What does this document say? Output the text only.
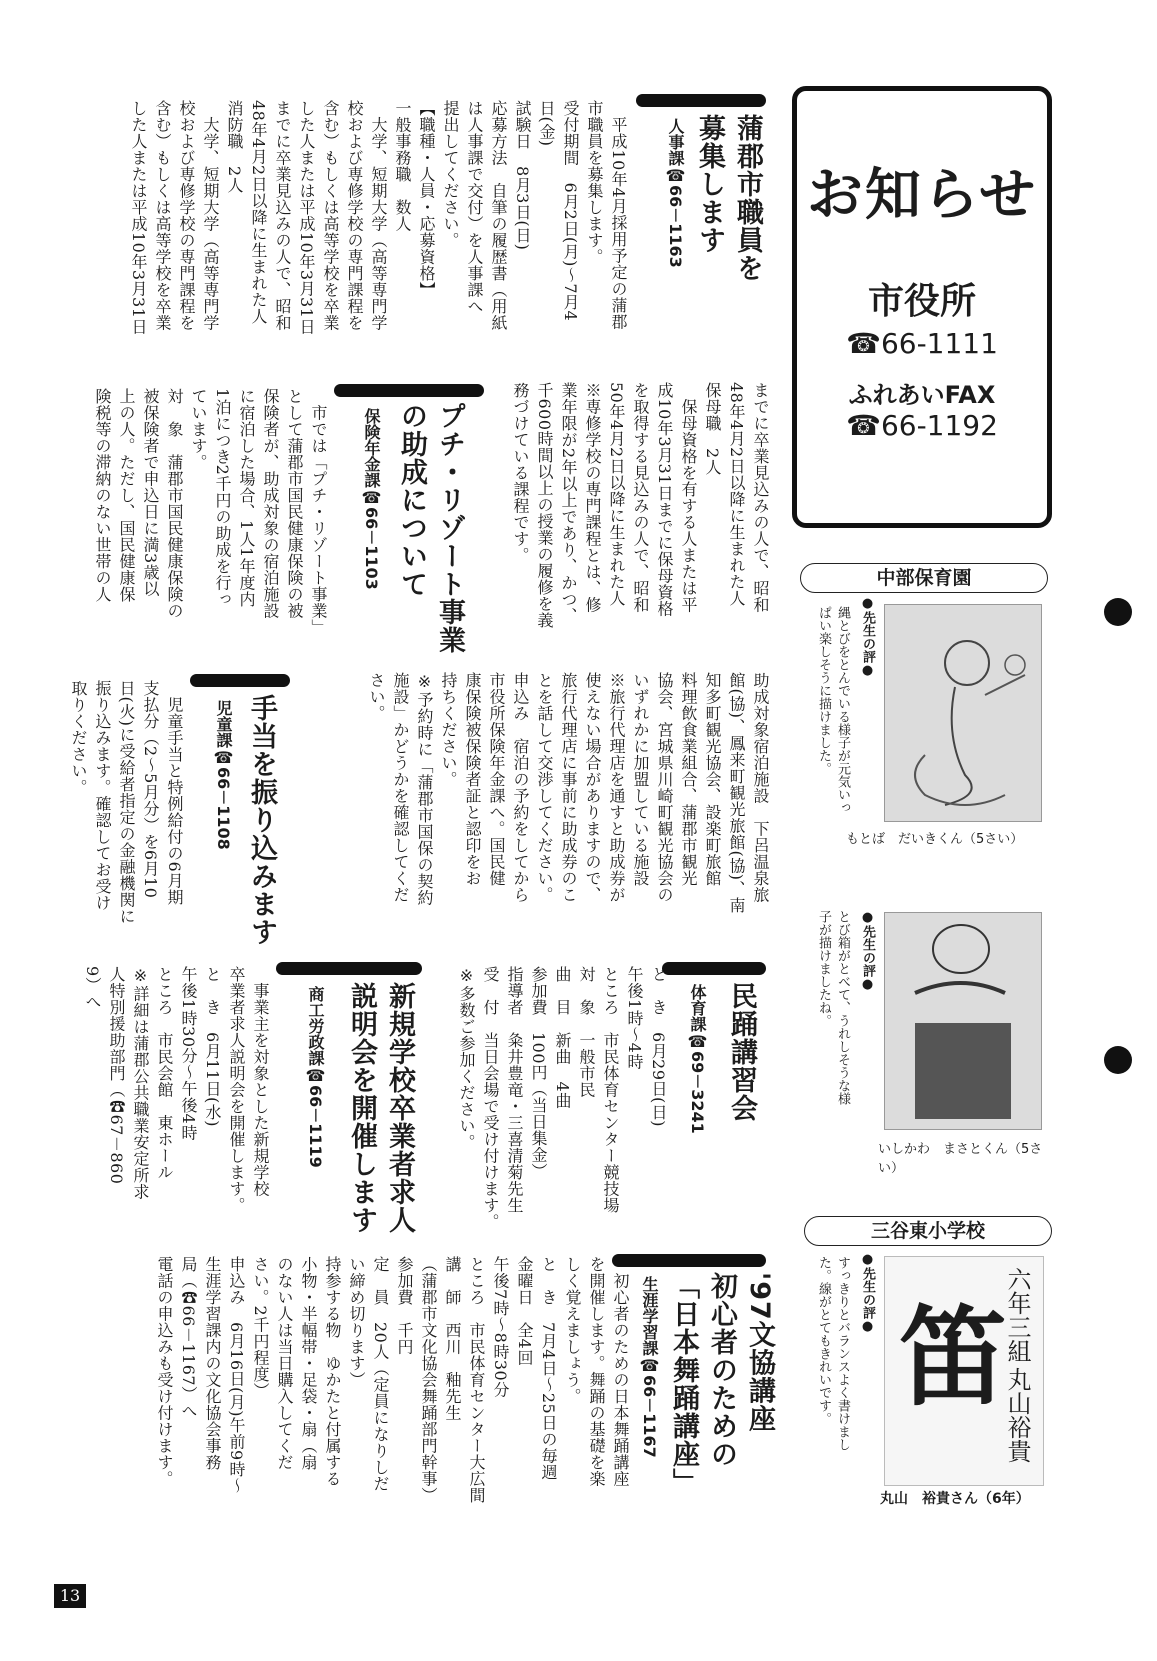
お知らせ
市役所
☎66-1111
ふれあいFAX
☎66-1192
蒲郡市職員を
募集します
人事課☎66－1163
　平成10年4月採用予定の蒲郡
市職員を募集します。
受付期間　6月2日(月)～7月4
日(金)
試験日　8月3日(日)
応募方法　自筆の履歴書（用紙
は人事課で交付）を人事課へ
提出してください。
【職種・人員・応募資格】
一般事務職　数人
　大学、短期大学（高等専門学
校および専修学校の専門課程を
含む）もしくは高等学校を卒業
した人または平成10年3月31日
までに卒業見込みの人で、昭和
48年4月2日以降に生まれた人
消防職　2人
　大学、短期大学（高等専門学
校および専修学校の専門課程を
含む）もしくは高等学校を卒業
した人または平成10年3月31日
までに卒業見込みの人で、昭和
48年4月2日以降に生まれた人
保母職　2人
　保母資格を有する人または平
成10年3月31日までに保母資格
を取得する見込みの人で、昭和
50年4月2日以降に生まれた人
※専修学校の専門課程とは、修
業年限が2年以上であり、かつ、
千600時間以上の授業の履修を義
務づけている課程です。
プチ・リゾート事業
の助成について
保険年金課☎66－1103
　市では「プチ・リゾート事業」
として蒲郡市国民健康保険の被
保険者が、助成対象の宿泊施設
に宿泊した場合、1人1年度内
1泊につき2千円の助成を行っ
ています。
対　象　蒲郡市国民健康保険の
被保険者で申込日に満3歳以
上の人。ただし、国民健康保
険税等の滞納のない世帯の人
助成対象宿泊施設　下呂温泉旅
館(協)、鳳来町観光旅館(協)、南
知多町観光協会、設楽町旅館
料理飲食業組合、蒲郡市観光
協会、宮城県川崎町観光協会の
いずれかに加盟している施設
※旅行代理店を通すと助成券が
使えない場合がありますので、
旅行代理店に事前に助成券のこ
とを話して交渉してください。
申込み　宿泊の予約をしてから
市役所保険年金課へ。国民健
康保険被保険者証と認印をお
持ちください。
※予約時に「蒲郡市国保の契約
施設」かどうかを確認してくだ
さい。
手当を振り込みます
児童課☎66－1108
　児童手当と特例給付の6月期
支払分（2～5月分）を6月10
日(火)に受給者指定の金融機関に
振り込みます。確認してお受け
取りください。
民踊講習会
体育課☎69－3241
と　き　6月29日(日)
午後1時～4時
ところ　市民体育センター競技場
対　象　一般市民
曲　目　新曲　4曲
参加費　100円（当日集金）
指導者　粂井豊竜・三喜清菊先生
受　付　当日会場で受け付けます。
※多数ご参加ください。
新規学校卒業者求人
説明会を開催します
商工労政課☎66－1119
　事業主を対象とした新規学校
卒業者求人説明会を開催します。
と　き　6月11日(水)
午後1時30分～午後4時
ところ　市民会館　東ホール
※詳細は蒲郡公共職業安定所求
人特別援助部門（☎67－860
9）へ
'97文協講座
初心者のための
「日本舞踊講座」
生涯学習課☎66－1167
　初心者のための日本舞踊講座
を開催します。舞踊の基礎を楽
しく覚えましょう。
と　き　7月4日～25日の毎週
金曜日　全4回
午後7時～8時30分
ところ　市民体育センター大広間
講　師　西川　釉先生
（蒲郡市文化協会舞踊部門幹事）
参加費　千円
定　員　20人（定員になりしだ
い締め切ります）
持参する物　ゆかたと付属する
小物・半幅帯・足袋・扇（扇
のない人は当日購入してくだ
さい。2千円程度）
申込み　6月16日(月)午前9時～
生涯学習課内の文化協会事務
局（☎66－1167）へ
電話の申込みも受け付けます。
中部保育園
●先生の評●
縄とびをとんでいる様子が元気いっ
ぱい楽しそうに描けました。
もとば　だいきくん（5さい）
●先生の評●
とび箱がとべて、うれしそうな様
子が描けましたね。
いしかわ　まさとくん（5さい）
三谷東小学校
●先生の評●
すっきりとバランスよく書けまし
た。線がとてもきれいです。	六年三組
笛
丸山裕貴
丸山　裕貴さん（6年）
13
